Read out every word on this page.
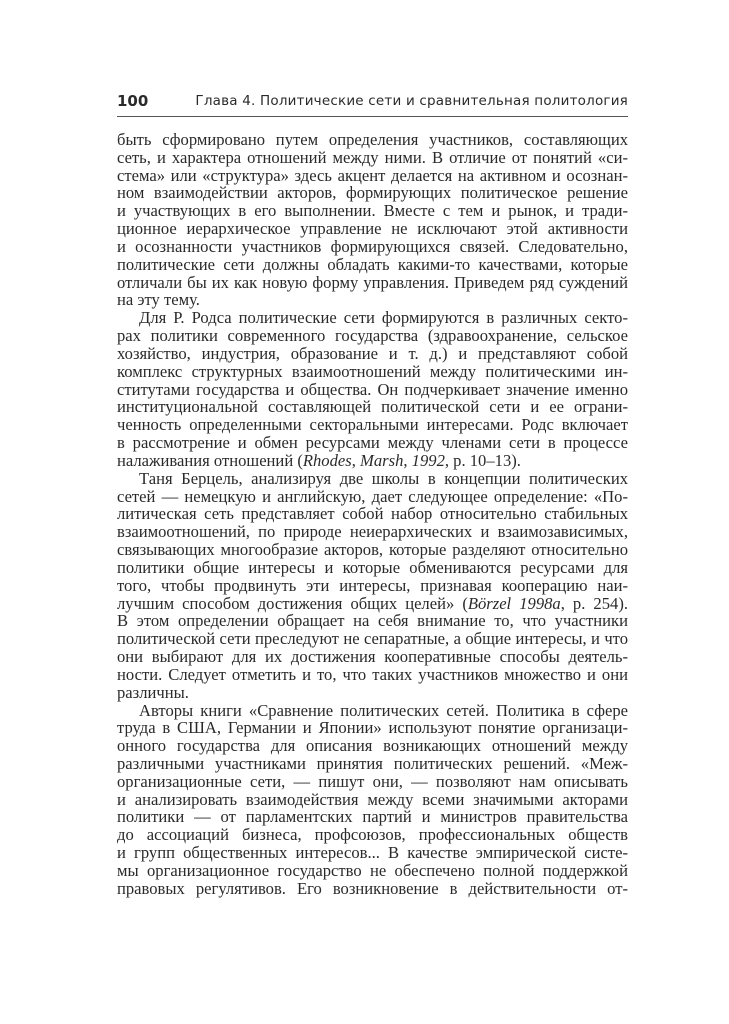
100	Глава 4. Политические сети и сравнительная политология
быть сформировано путем определения участников, составляющих
сеть, и характера отношений между ними. В отличие от понятий «си-
стема» или «структура» здесь акцент делается на активном и осознан-
ном взаимодействии акторов, формирующих политическое решение
и участвующих в его выполнении. Вместе с тем и рынок, и тради-
ционное иерархическое управление не исключают этой активности
и осознанности участников формирующихся связей. Следовательно,
политические сети должны обладать какими-то качествами, которые
отличали бы их как новую форму управления. Приведем ряд суждений
на эту тему.
Для Р. Родса политические сети формируются в различных секто-
рах политики современного государства (здравоохранение, сельское
хозяйство, индустрия, образование и т. д.) и представляют собой
комплекс структурных взаимоотношений между политическими ин-
ститутами государства и общества. Он подчеркивает значение именно
институциональной составляющей политической сети и ее ограни-
ченность определенными секторальными интересами. Родс включает
в рассмотрение и обмен ресурсами между членами сети в процессе
налаживания отношений (Rhodes, Marsh, 1992, p. 10–13).
Таня Берцель, анализируя две школы в концепции политических
сетей — немецкую и английскую, дает следующее определение: «По-
литическая сеть представляет собой набор относительно стабильных
взаимоотношений, по природе неиерархических и взаимозависимых,
связывающих многообразие акторов, которые разделяют относительно
политики общие интересы и которые обмениваются ресурсами для
того, чтобы продвинуть эти интересы, признавая кооперацию наи-
лучшим способом достижения общих целей» (Börzel 1998a, p. 254).
В этом определении обращает на себя внимание то, что участники
политической сети преследуют не сепаратные, а общие интересы, и что
они выбирают для их достижения кооперативные способы деятель-
ности. Следует отметить и то, что таких участников множество и они
различны.
Авторы книги «Сравнение политических сетей. Политика в сфере
труда в США, Германии и Японии» используют понятие организаци-
онного государства для описания возникающих отношений между
различными участниками принятия политических решений. «Меж-
организационные сети, — пишут они, — позволяют нам описывать
и анализировать взаимодействия между всеми значимыми акторами
политики — от парламентских партий и министров правительства
до ассоциаций бизнеса, профсоюзов, профессиональных обществ
и групп общественных интересов... В качестве эмпирической систе-
мы организационное государство не обеспечено полной поддержкой
правовых регулятивов. Его возникновение в действительности от-
